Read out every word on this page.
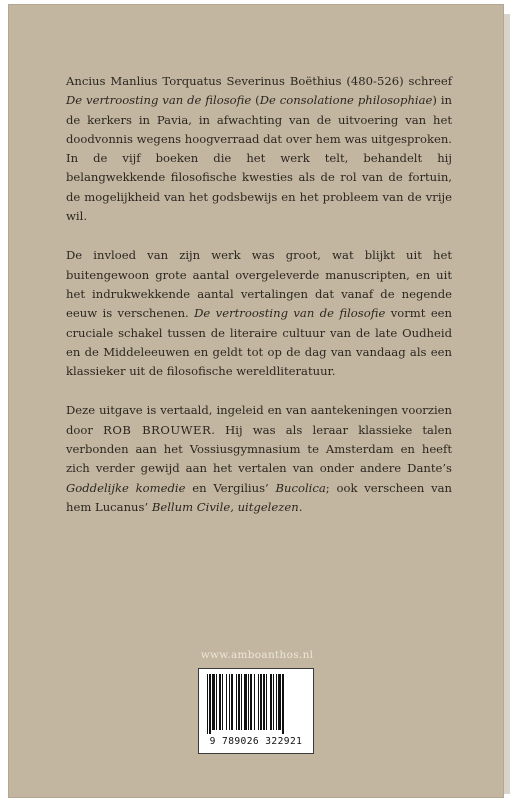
Ancius Manlius Torquatus Severinus Boëthius (480-526) schreef De vertroosting van de filosofie (De consolatione philosophiae) in de kerkers in Pavia, in afwachting van de uitvoering van het doodvonnis wegens hoogverraad dat over hem was uitgesproken. In de vijf boeken die het werk telt, behandelt hij belangwekkende filosofische kwesties als de rol van de fortuin, de mogelijkheid van het godsbewijs en het probleem van de vrije wil.

De invloed van zijn werk was groot, wat blijkt uit het buitengewoon grote aantal overgeleverde manuscripten, en uit het indrukwekkende aantal vertalingen dat vanaf de negende eeuw is verschenen. De vertroosting van de filosofie vormt een cruciale schakel tussen de literaire cultuur van de late Oudheid en de Middeleeuwen en geldt tot op de dag van vandaag als een klassieker uit de filosofische wereldliteratuur.

Deze uitgave is vertaald, ingeleid en van aantekeningen voorzien door ROB BROUWER. Hij was als leraar klassieke talen verbonden aan het Vossiusgymnasium te Amsterdam en heeft zich verder gewijd aan het vertalen van onder andere Dante’s Goddelijke komedie en Vergilius’ Bucolica; ook verscheen van hem Lucanus’ Bellum Civile, uitgelezen.

www.amboanthos.nl
9 789026 322921
